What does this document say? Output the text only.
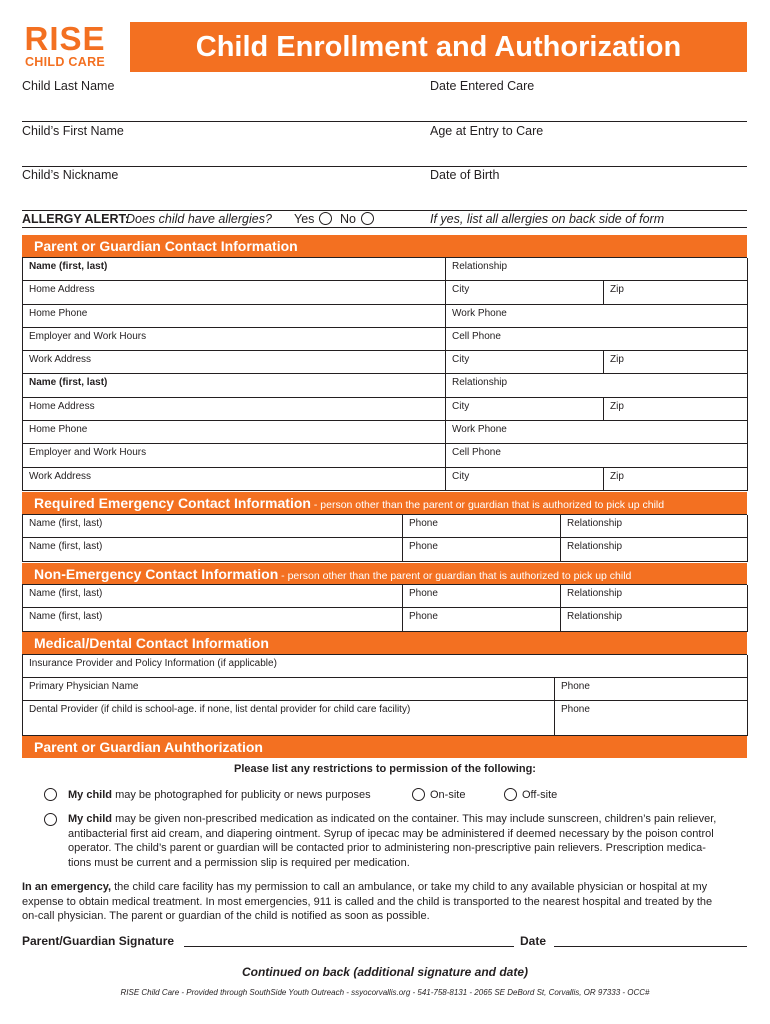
RISE
CHILD CARE	Child Enrollment and Authorization
Child Last Name	Date Entered Care
Child’s First Name	Age at Entry to Care
Child’s Nickname	Date of Birth
ALLERGY ALERT:
Does child have allergies? Yes No	If yes, list all allergies on back side of form
Parent or Guardian Contact Information
Name (first, last)	Relationship
Home Address	City	Zip
Home Phone	Work Phone
Employer and Work Hours	Cell Phone
Work Address	City	Zip
Name (first, last)	Relationship
Home Address	City	Zip
Home Phone	Work Phone
Employer and Work Hours	Cell Phone
Work Address	City	Zip
Required Emergency Contact Information - person other than the parent or guardian that is authorized to pick up child
Name (first, last)	Phone	Relationship
Name (first, last)	Phone	Relationship
Non-Emergency Contact Information - person other than the parent or guardian that is authorized to pick up child
Name (first, last)	Phone	Relationship
Name (first, last)	Phone	Relationship
Medical/Dental Contact Information
Insurance Provider and Policy Information (if applicable)
Primary Physician Name	Phone
Dental Provider (if child is school-age. if none, list dental provider for child care facility)	Phone
Parent or Guardian Auhthorization
Please list any restrictions to permission of the following:
My child may be photographed for publicity or news purposes	On-site	Off-site
My child may be given non-prescribed medication as indicated on the container. This may include sunscreen, children’s pain reliever,
antibacterial first aid cream, and diapering ointment. Syrup of ipecac may be administered if deemed necessary by the poison control
operator. The child’s parent or guardian will be contacted prior to administering non-prescriptive pain relievers. Prescription medica-
tions must be current and a permission slip is required per medication.
In an emergency, the child care facility has my permission to call an ambulance, or take my child to any available physician or hospital at my
expense to obtain medical treatment. In most emergencies, 911 is called and the child is transported to the nearest hospital and treated by the
on-call physician. The parent or guardian of the child is notified as soon as possible.
Parent/Guardian Signature	Date
Continued on back (additional signature and date)
RISE Child Care - Provided through SouthSide Youth Outreach - ssyocorvallis.org - 541-758-8131 - 2065 SE DeBord St, Corvallis, OR 97333 - OCC#
